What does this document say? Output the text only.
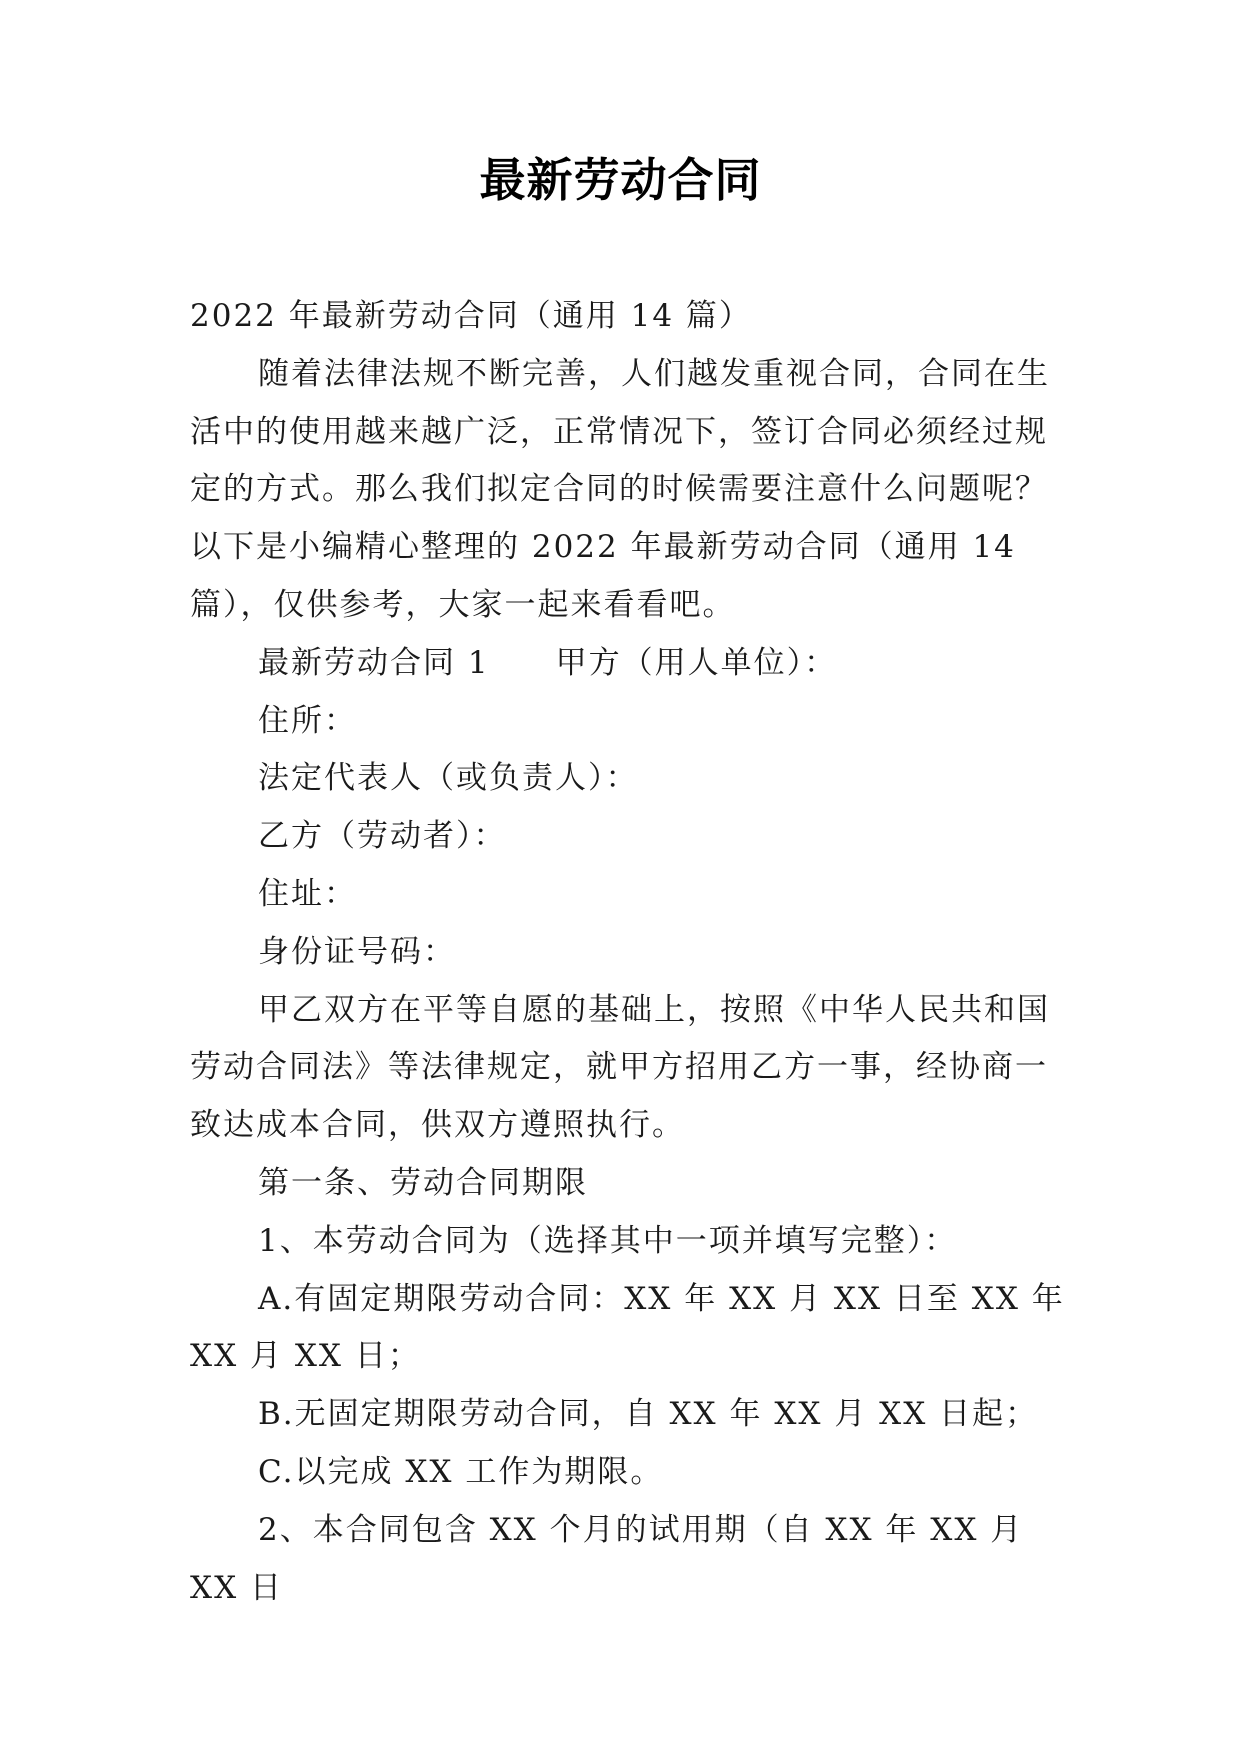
最新劳动合同

2022 年最新劳动合同（通用 14 篇）

随着法律法规不断完善，人们越发重视合同，合同在生活中的使用越来越广泛，正常情况下，签订合同必须经过规定的方式。那么我们拟定合同的时候需要注意什么问题呢？以下是小编精心整理的 2022 年最新劳动合同（通用 14 篇），仅供参考，大家一起来看看吧。

最新劳动合同 1　　甲方（用人单位）：

住所：

法定代表人（或负责人）：

乙方（劳动者）：

住址：

身份证号码：

甲乙双方在平等自愿的基础上，按照《中华人民共和国劳动合同法》等法律规定，就甲方招用乙方一事，经协商一致达成本合同，供双方遵照执行。

第一条、劳动合同期限

1、本劳动合同为（选择其中一项并填写完整）：

A.有固定期限劳动合同：XX 年 XX 月 XX 日至 XX 年 XX 月 XX 日；

B.无固定期限劳动合同，自 XX 年 XX 月 XX 日起；

C.以完成 XX 工作为期限。

2、本合同包含 XX 个月的试用期（自 XX 年 XX 月 XX 日
